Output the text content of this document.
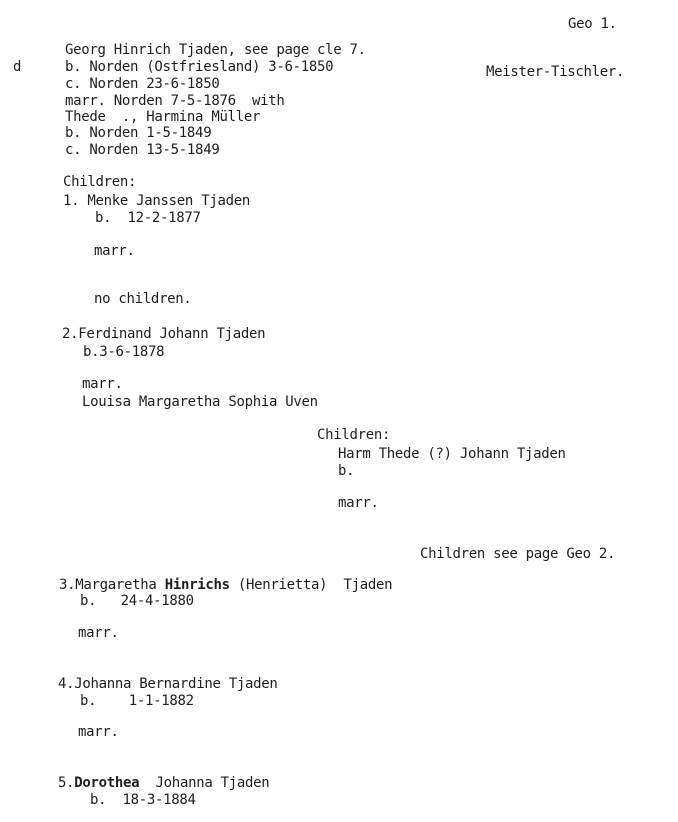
Geo 1.
d
Georg Hinrich Tjaden, see page cle 7.
b. Norden (Ostfriesland) 3-6-1850	Meister-Tischler.
c. Norden 23-6-1850
marr. Norden 7-5-1876  with
Thede  ., Harmina Müller
b. Norden 1-5-1849
c. Norden 13-5-1849
Children:
1. Menke Janssen Tjaden
b.  12-2-1877
marr.
no children.
2.Ferdinand Johann Tjaden
b.3-6-1878
marr.
Louisa Margaretha Sophia Uven
Children:
Harm Thede (?) Johann Tjaden
b.
marr.
Children see page Geo 2.
3.Margaretha Hinrichs (Henrietta)  Tjaden
b.   24-4-1880
marr.
4.Johanna Bernardine Tjaden
b.    1-1-1882
marr.
5.Dorothea  Johanna Tjaden
b.  18-3-1884
